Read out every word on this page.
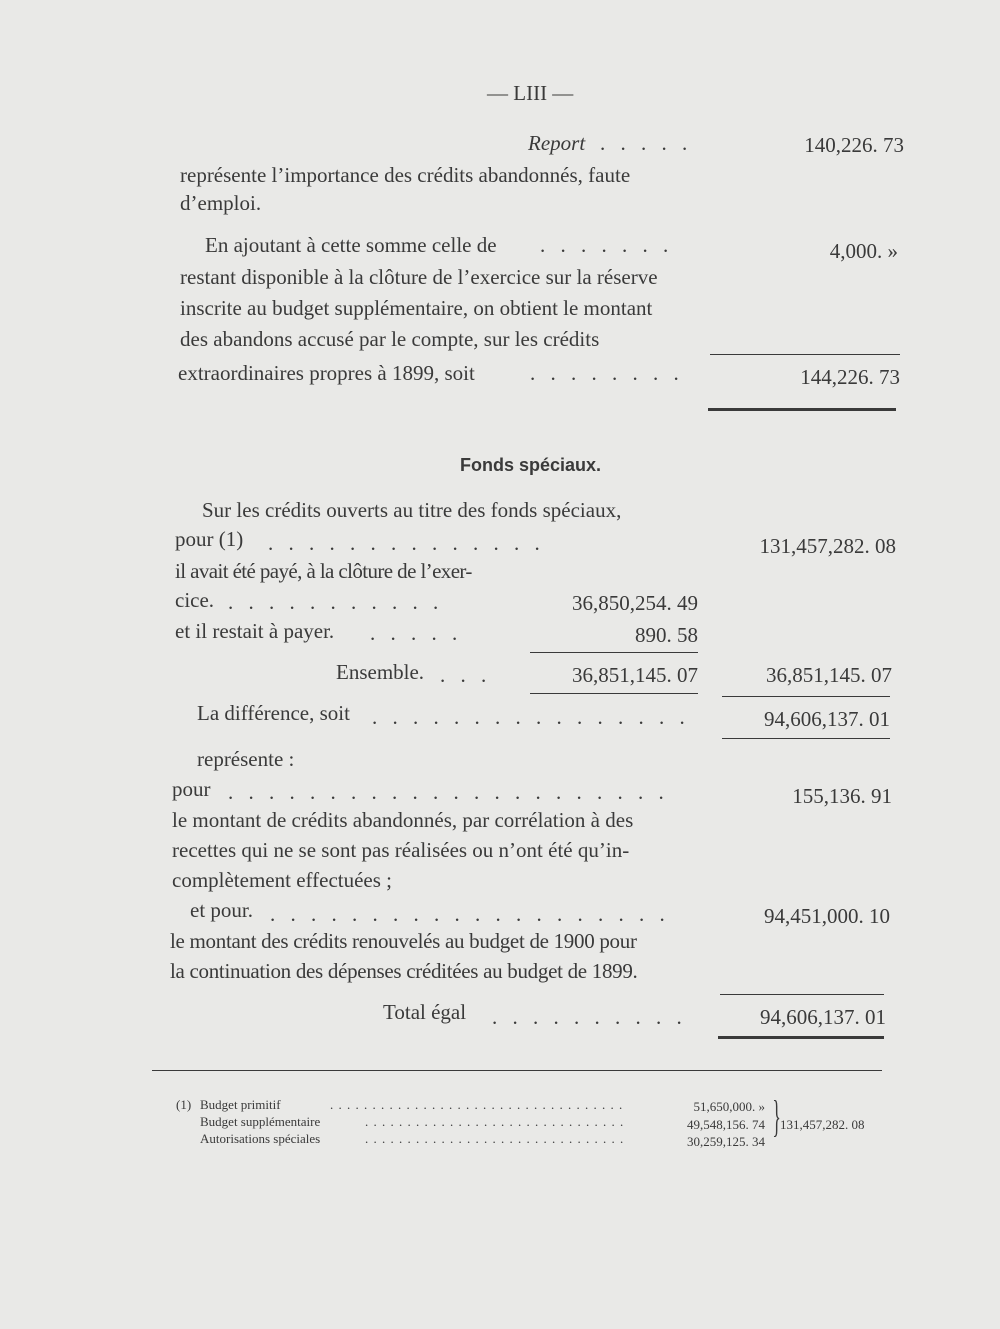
— LIII —
Report . . . . .	140,226. 73
représente l’importance des crédits abandonnés, faute
d’emploi.
En ajoutant à cette somme celle de . . . . . . .	4,000. »
restant disponible à la clôture de l’exercice sur la réserve
inscrite au budget supplémentaire, on obtient le montant
des abandons accusé par le compte, sur les crédits
extraordinaires propres à 1899, soit	. . . . . . . .	144,226. 73
Fonds spéciaux.
Sur les crédits ouverts au titre des fonds spéciaux,
pour (1) . . . . . . . . . . . . . .	131,457,282. 08
il avait été payé, à la clôture de l’exer-
cice. . . . . . . . . . . .	36,850,254. 49
et il restait à payer. . . . . .	890. 58
Ensemble. . . .	36,851,145. 07	36,851,145. 07
La différence, soit . . . . . . . . . . . . . . . .	94,606,137. 01
représente :
pour . . . . . . . . . . . . . . . . . . . . . .	155,136. 91
le montant de crédits abandonnés, par corrélation à des
recettes qui ne se sont pas réalisées ou n’ont été qu’in-
complètement effectuées ;
et pour. . . . . . . . . . . . . . . . . . . . .	94,451,000. 10
le montant des crédits renouvelés au budget de 1900 pour
la continuation des dépenses créditées au budget de 1899.
Total égal . . . . . . . . . .	94,606,137. 01
(1) Budget primitif	. . . . . . . . . . . . . . . . . . . . . . . . . . . . . . . . . . .	51,650,000. »
Budget supplémentaire	. . . . . . . . . . . . . . . . . . . . . . . . . . . . . . .	49,548,156. 74
Autorisations spéciales	. . . . . . . . . . . . . . . . . . . . . . . . . . . . . . .	30,259,125. 34
} 131,457,282. 08
